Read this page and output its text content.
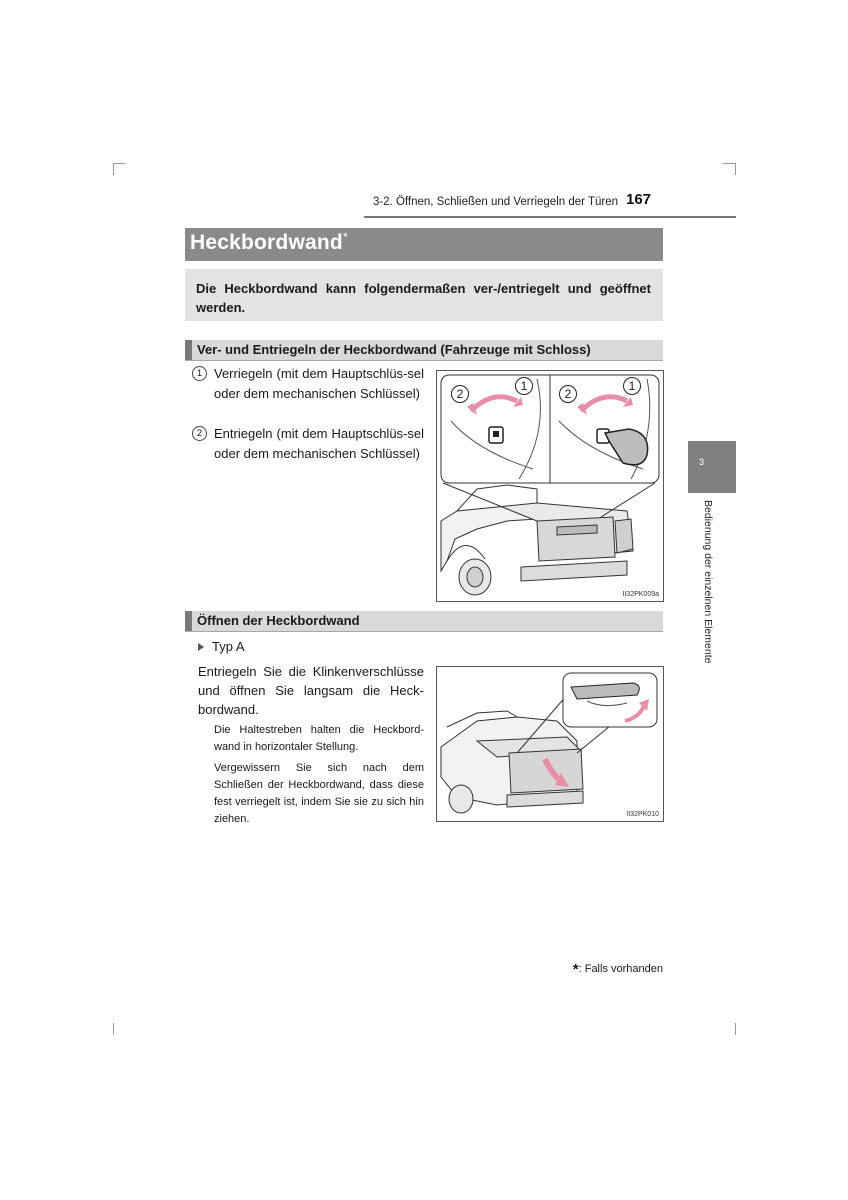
3-2. Öffnen, Schließen und Verriegeln der Türen 167
Heckbordwand*
Die Heckbordwand kann folgendermaßen ver-/entriegelt und geöffnet werden.
Ver- und Entriegeln der Heckbordwand (Fahrzeuge mit Schloss)
1 Verriegeln (mit dem Hauptschlüs-sel oder dem mechanischen Schlüssel)
2 Entriegeln (mit dem Hauptschlüs-sel oder dem mechanischen Schlüssel)
2
1
2
1
II32PK009a
Öffnen der Heckbordwand
Typ A
Entriegeln Sie die Klinkenverschlüsse und öffnen Sie langsam die Heck-bordwand.
Die Haltestreben halten die Heckbord-wand in horizontaler Stellung.
Vergewissern Sie sich nach dem Schließen der Heckbordwand, dass diese fest verriegelt ist, indem Sie sie zu sich hin ziehen.	II32PK010
3
Bedienung der einzelnen Elemente
*: Falls vorhanden
